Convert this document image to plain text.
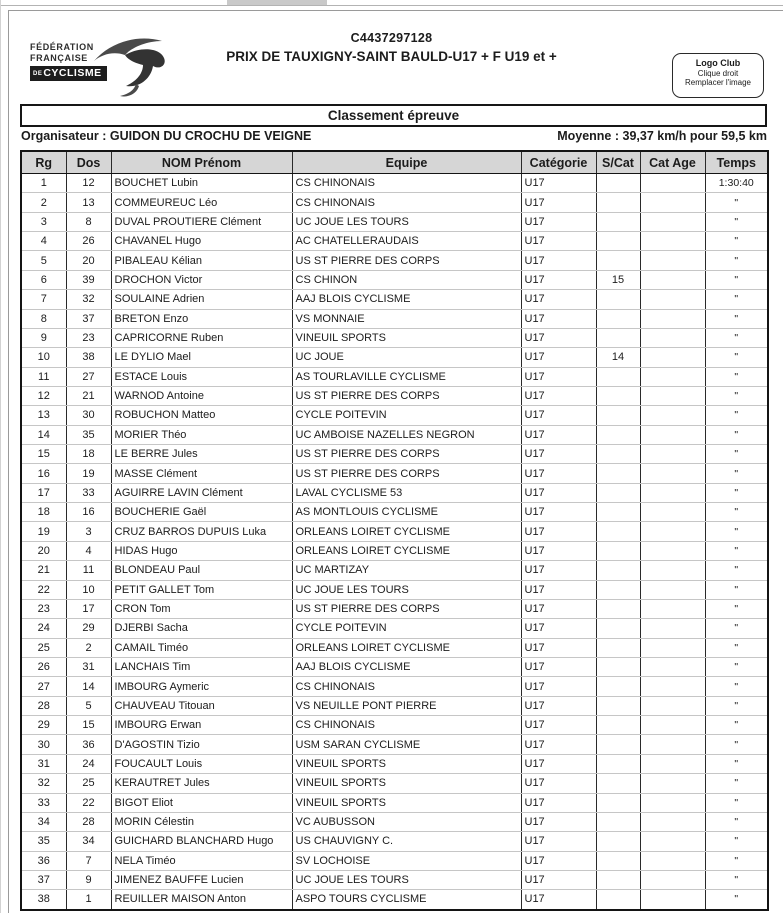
FÉDÉRATION
FRANÇAISE
DECYCLISME
C4437297128
PRIX DE TAUXIGNY-SAINT BAULD-U17 + F U19 et +	Logo Club
Clique droit
Remplacer l'image
Classement épreuve
Organisateur : GUIDON DU CROCHU DE VEIGNE	Moyenne : 39,37 km/h pour 59,5 km
Rg	Dos	NOM Prénom	Equipe	Catégorie	S/Cat	Cat Age	Temps
1	12	BOUCHET Lubin	CS CHINONAIS	U17			1:30:40
2	13	COMMEUREUC Léo	CS CHINONAIS	U17			"
3	8	DUVAL PROUTIERE Clément	UC JOUE LES TOURS	U17			"
4	26	CHAVANEL Hugo	AC CHATELLERAUDAIS	U17			"
5	20	PIBALEAU Kélian	US ST PIERRE DES CORPS	U17			"
6	39	DROCHON Victor	CS CHINON	U17	15		"
7	32	SOULAINE Adrien	AAJ BLOIS CYCLISME	U17			"
8	37	BRETON Enzo	VS MONNAIE	U17			"
9	23	CAPRICORNE Ruben	VINEUIL SPORTS	U17			"
10	38	LE DYLIO Mael	UC JOUE	U17	14		"
11	27	ESTACE Louis	AS TOURLAVILLE CYCLISME	U17			"
12	21	WARNOD Antoine	US ST PIERRE DES CORPS	U17			"
13	30	ROBUCHON Matteo	CYCLE POITEVIN	U17			"
14	35	MORIER Théo	UC AMBOISE NAZELLES NEGRON	U17			"
15	18	LE BERRE Jules	US ST PIERRE DES CORPS	U17			"
16	19	MASSE Clément	US ST PIERRE DES CORPS	U17			"
17	33	AGUIRRE LAVIN Clément	LAVAL CYCLISME 53	U17			"
18	16	BOUCHERIE Gaël	AS MONTLOUIS CYCLISME	U17			"
19	3	CRUZ BARROS DUPUIS Luka	ORLEANS LOIRET CYCLISME	U17			"
20	4	HIDAS Hugo	ORLEANS LOIRET CYCLISME	U17			"
21	11	BLONDEAU Paul	UC MARTIZAY	U17			"
22	10	PETIT GALLET Tom	UC JOUE LES TOURS	U17			"
23	17	CRON Tom	US ST PIERRE DES CORPS	U17			"
24	29	DJERBI Sacha	CYCLE POITEVIN	U17			"
25	2	CAMAIL Timéo	ORLEANS LOIRET CYCLISME	U17			"
26	31	LANCHAIS Tim	AAJ BLOIS CYCLISME	U17			"
27	14	IMBOURG Aymeric	CS CHINONAIS	U17			"
28	5	CHAUVEAU Titouan	VS NEUILLE PONT PIERRE	U17			"
29	15	IMBOURG Erwan	CS CHINONAIS	U17			"
30	36	D'AGOSTIN Tizio	USM SARAN CYCLISME	U17			"
31	24	FOUCAULT Louis	VINEUIL SPORTS	U17			"
32	25	KERAUTRET Jules	VINEUIL SPORTS	U17			"
33	22	BIGOT Eliot	VINEUIL SPORTS	U17			"
34	28	MORIN Célestin	VC AUBUSSON	U17			"
35	34	GUICHARD BLANCHARD Hugo	US CHAUVIGNY C.	U17			"
36	7	NELA Timéo	SV LOCHOISE	U17			"
37	9	JIMENEZ BAUFFE Lucien	UC JOUE LES TOURS	U17			"
38	1	REUILLER MAISON Anton	ASPO TOURS CYCLISME	U17			"
